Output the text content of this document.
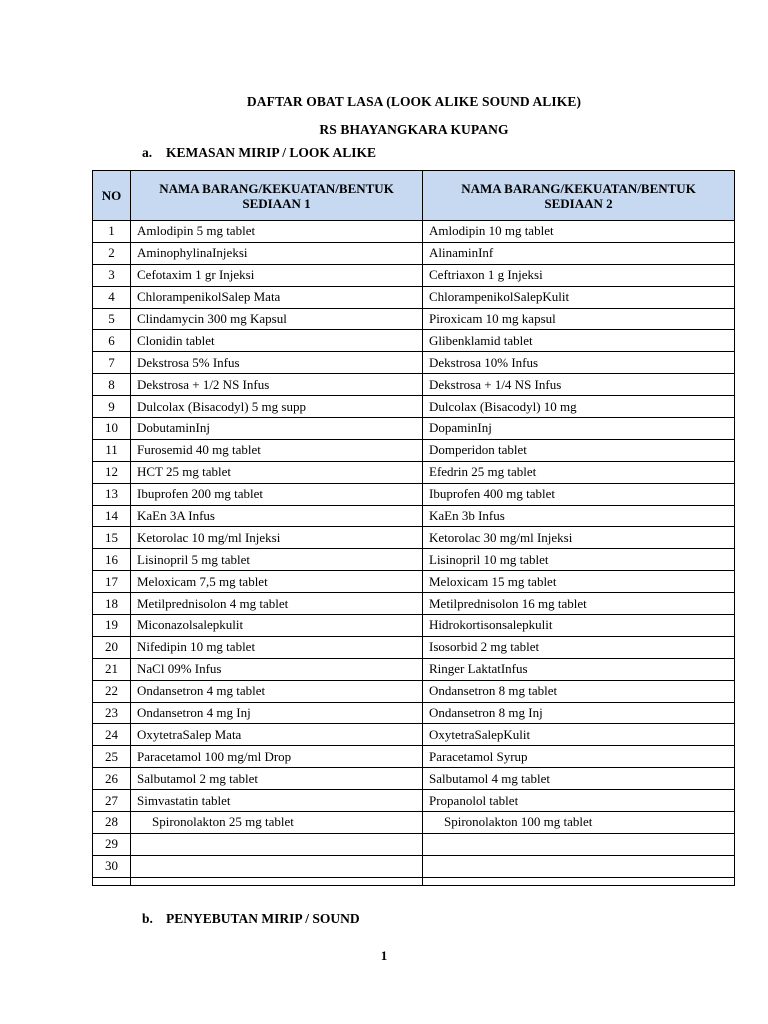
DAFTAR OBAT LASA (LOOK ALIKE SOUND ALIKE)
RS BHAYANGKARA KUPANG
a. KEMASAN MIRIP / LOOK ALIKE
NO	NAMA BARANG/KEKUATAN/BENTUK SEDIAAN 1	NAMA BARANG/KEKUATAN/BENTUK SEDIAAN 2
1	Amlodipin 5 mg tablet	Amlodipin 10 mg tablet
2	AminophylinaInjeksi	AlinaminInf
3	Cefotaxim 1 gr Injeksi	Ceftriaxon 1 g Injeksi
4	ChlorampenikolSalep Mata	ChlorampenikolSalepKulit
5	Clindamycin 300 mg Kapsul	Piroxicam 10 mg kapsul
6	Clonidin tablet	Glibenklamid tablet
7	Dekstrosa 5% Infus	Dekstrosa 10% Infus
8	Dekstrosa + 1/2 NS Infus	Dekstrosa + 1/4 NS Infus
9	Dulcolax (Bisacodyl) 5 mg supp	Dulcolax (Bisacodyl) 10 mg
10	DobutaminInj	DopaminInj
11	Furosemid 40 mg tablet	Domperidon tablet
12	HCT 25 mg tablet	Efedrin 25 mg tablet
13	Ibuprofen 200 mg tablet	Ibuprofen 400 mg tablet
14	KaEn 3A Infus	KaEn 3b Infus
15	Ketorolac 10 mg/ml Injeksi	Ketorolac 30 mg/ml Injeksi
16	Lisinopril 5 mg tablet	Lisinopril 10 mg tablet
17	Meloxicam 7,5 mg tablet	Meloxicam 15 mg tablet
18	Metilprednisolon 4 mg tablet	Metilprednisolon 16 mg tablet
19	Miconazolsalepkulit	Hidrokortisonsalepkulit
20	Nifedipin 10 mg tablet	Isosorbid 2 mg tablet
21	NaCl 09% Infus	Ringer LaktatInfus
22	Ondansetron 4 mg tablet	Ondansetron 8 mg tablet
23	Ondansetron 4 mg Inj	Ondansetron 8 mg Inj
24	OxytetraSalep Mata	OxytetraSalepKulit
25	Paracetamol 100 mg/ml Drop	Paracetamol Syrup
26	Salbutamol 2 mg tablet	Salbutamol 4 mg tablet
27	Simvastatin tablet	Propanolol tablet
28	Spironolakton 25 mg tablet	Spironolakton 100 mg tablet
29		
30		

b. PENYEBUTAN MIRIP / SOUND
1
